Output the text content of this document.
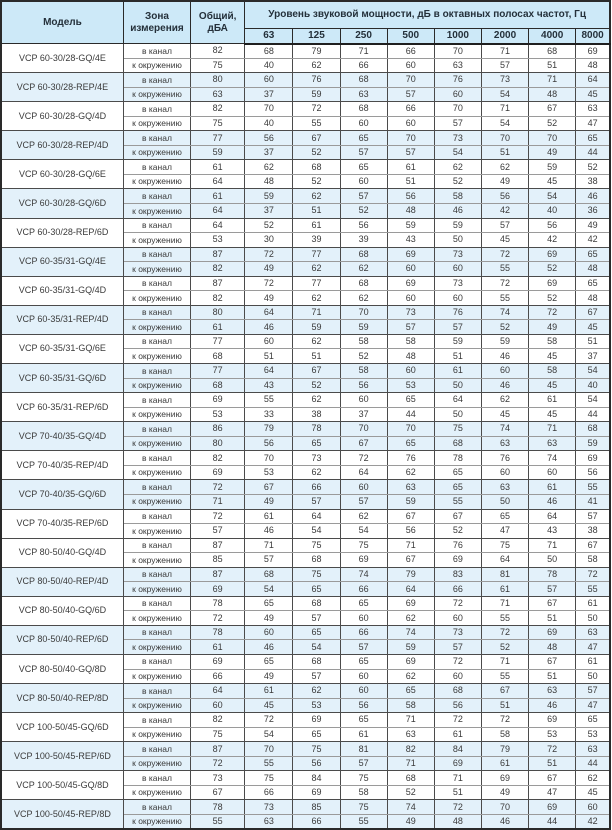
Модель	Зона измерения	Общий, дБА	Уровень звуковой мощности, дБ в октавных полосах частот, Гц							
			63	125	250	500	1000	2000	4000	8000
VCP 60-30/28-GQ/4E	в канал	82	68	79	71	66	70	71	68	69
	к окружению	75	40	62	66	60	63	57	51	48
VCP 60-30/28-REP/4E	в канал	80	60	76	68	70	76	73	71	64
	к окружению	63	37	59	63	57	60	54	48	45
VCP 60-30/28-GQ/4D	в канал	82	70	72	68	66	70	71	67	63
	к окружению	75	40	55	60	60	57	54	52	47
VCP 60-30/28-REP/4D	в канал	77	56	67	65	70	73	70	70	65
	к окружению	59	37	52	57	57	54	51	49	44
VCP 60-30/28-GQ/6E	в канал	61	62	68	65	61	62	62	59	52
	к окружению	64	48	52	60	51	52	49	45	38
VCP 60-30/28-GQ/6D	в канал	61	59	62	57	56	58	56	54	46
	к окружению	64	37	51	52	48	46	42	40	36
VCP 60-30/28-REP/6D	в канал	64	52	61	56	59	59	57	56	49
	к окружению	53	30	39	39	43	50	45	42	42
VCP 60-35/31-GQ/4E	в канал	87	72	77	68	69	73	72	69	65
	к окружению	82	49	62	62	60	60	55	52	48
VCP 60-35/31-GQ/4D	в канал	87	72	77	68	69	73	72	69	65
	к окружению	82	49	62	62	60	60	55	52	48
VCP 60-35/31-REP/4D	в канал	80	64	71	70	73	76	74	72	67
	к окружению	61	46	59	59	57	57	52	49	45
VCP 60-35/31-GQ/6E	в канал	77	60	62	58	58	59	59	58	51
	к окружению	68	51	51	52	48	51	46	45	37
VCP 60-35/31-GQ/6D	в канал	77	64	67	58	60	61	60	58	54
	к окружению	68	43	52	56	53	50	46	45	40
VCP 60-35/31-REP/6D	в канал	69	55	62	60	65	64	62	61	54
	к окружению	53	33	38	37	44	50	45	45	44
VCP 70-40/35-GQ/4D	в канал	86	79	78	70	70	75	74	71	68
	к окружению	80	56	65	67	65	68	63	63	59
VCP 70-40/35-REP/4D	в канал	82	70	73	72	76	78	76	74	69
	к окружению	69	53	62	64	62	65	60	60	56
VCP 70-40/35-GQ/6D	в канал	72	67	66	60	63	65	63	61	55
	к окружению	71	49	57	57	59	55	50	46	41
VCP 70-40/35-REP/6D	в канал	72	61	64	62	67	67	65	64	57
	к окружению	57	46	54	54	56	52	47	43	38
VCP 80-50/40-GQ/4D	в канал	87	71	75	75	71	76	75	71	67
	к окружению	85	57	68	69	67	69	64	50	58
VCP 80-50/40-REP/4D	в канал	87	68	75	74	79	83	81	78	72
	к окружению	69	54	65	66	64	66	61	57	55
VCP 80-50/40-GQ/6D	в канал	78	65	68	65	69	72	71	67	61
	к окружению	72	49	57	60	62	60	55	51	50
VCP 80-50/40-REP/6D	в канал	78	60	65	66	74	73	72	69	63
	к окружению	61	46	54	57	59	57	52	48	47
VCP 80-50/40-GQ/8D	в канал	69	65	68	65	69	72	71	67	61
	к окружению	66	49	57	60	62	60	55	51	50
VCP 80-50/40-REP/8D	в канал	64	61	62	60	65	68	67	63	57
	к окружению	60	45	53	56	58	56	51	46	47
VCP 100-50/45-GQ/6D	в канал	82	72	69	65	71	72	72	69	65
	к окружению	75	54	65	61	63	61	58	53	53
VCP 100-50/45-REP/6D	в канал	87	70	75	81	82	84	79	72	63
	к окружению	72	55	56	57	71	69	61	51	44
VCP 100-50/45-GQ/8D	в канал	73	75	84	75	68	71	69	67	62
	к окружению	67	66	69	58	52	51	49	47	45
VCP 100-50/45-REP/8D	в канал	78	73	85	75	74	72	70	69	60
	к окружению	55	63	66	55	49	48	46	44	42
